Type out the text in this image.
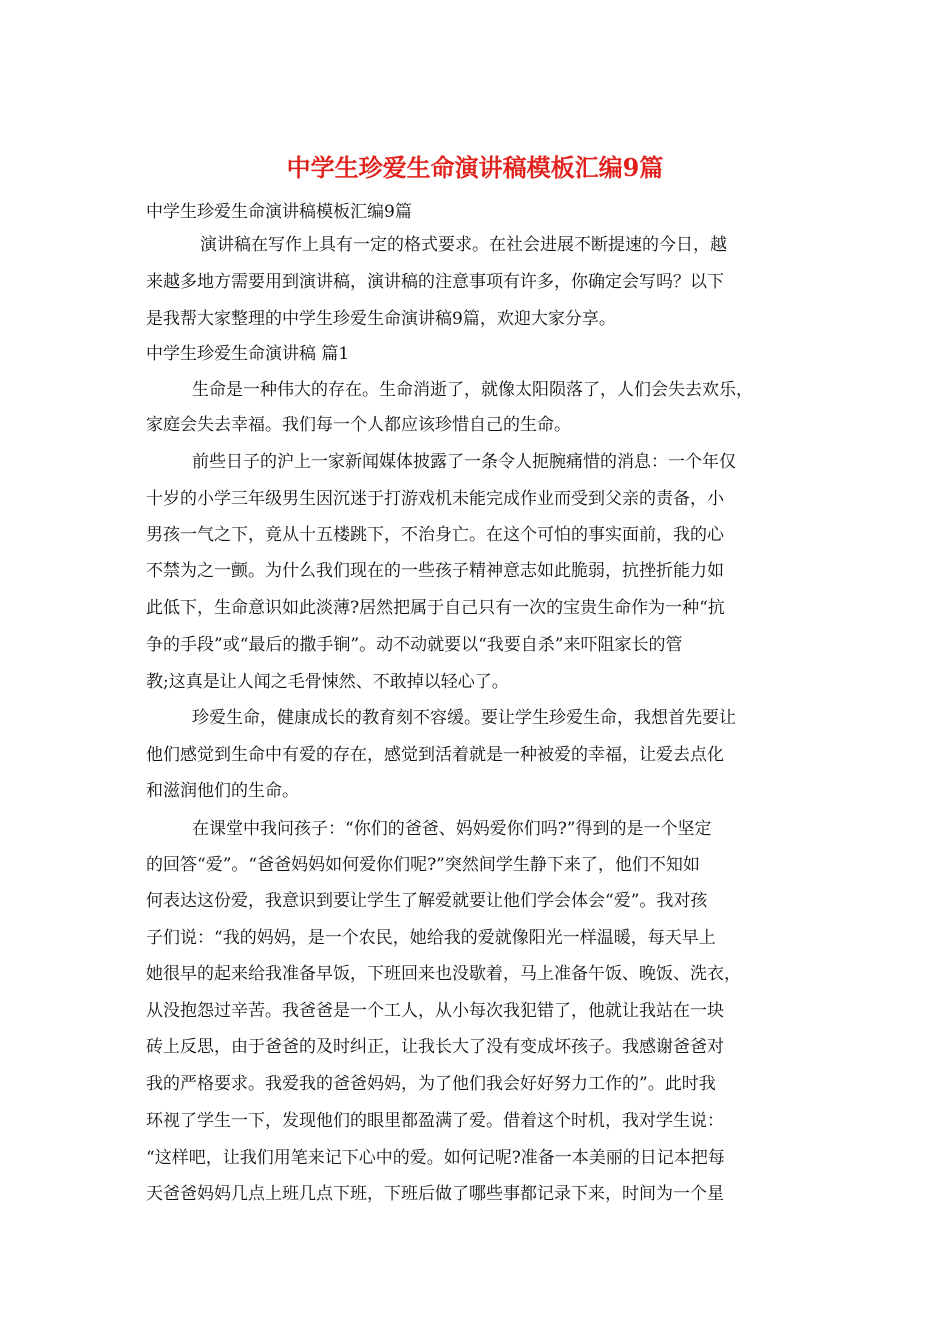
中学生珍爱生命演讲稿模板汇编9篇
中学生珍爱生命演讲稿模板汇编9篇
演讲稿在写作上具有一定的格式要求。在社会进展不断提速的今日，越
来越多地方需要用到演讲稿，演讲稿的注意事项有许多，你确定会写吗？以下
是我帮大家整理的中学生珍爱生命演讲稿9篇，欢迎大家分享。
中学生珍爱生命演讲稿 篇1
生命是一种伟大的存在。生命消逝了，就像太阳陨落了，人们会失去欢乐，
家庭会失去幸福。我们每一个人都应该珍惜自己的生命。
前些日子的沪上一家新闻媒体披露了一条令人扼腕痛惜的消息：一个年仅
十岁的小学三年级男生因沉迷于打游戏机未能完成作业而受到父亲的责备，小
男孩一气之下，竟从十五楼跳下，不治身亡。在这个可怕的事实面前，我的心
不禁为之一颤。为什么我们现在的一些孩子精神意志如此脆弱，抗挫折能力如
此低下，生命意识如此淡薄?居然把属于自己只有一次的宝贵生命作为一种“抗
争的手段”或“最后的撒手锏”。动不动就要以“我要自杀”来吓阻家长的管
教;这真是让人闻之毛骨悚然、不敢掉以轻心了。
珍爱生命，健康成长的教育刻不容缓。要让学生珍爱生命，我想首先要让
他们感觉到生命中有爱的存在，感觉到活着就是一种被爱的幸福，让爱去点化
和滋润他们的生命。
在课堂中我问孩子：“你们的爸爸、妈妈爱你们吗?”得到的是一个坚定
的回答“爱”。“爸爸妈妈如何爱你们呢?”突然间学生静下来了，他们不知如
何表达这份爱，我意识到要让学生了解爱就要让他们学会体会“爱”。我对孩
子们说：“我的妈妈，是一个农民，她给我的爱就像阳光一样温暖，每天早上
她很早的起来给我准备早饭，下班回来也没歇着，马上准备午饭、晚饭、洗衣，
从没抱怨过辛苦。我爸爸是一个工人，从小每次我犯错了，他就让我站在一块
砖上反思，由于爸爸的及时纠正，让我长大了没有变成坏孩子。我感谢爸爸对
我的严格要求。我爱我的爸爸妈妈，为了他们我会好好努力工作的”。此时我
环视了学生一下，发现他们的眼里都盈满了爱。借着这个时机，我对学生说：
“这样吧，让我们用笔来记下心中的爱。如何记呢?准备一本美丽的日记本把每
天爸爸妈妈几点上班几点下班，下班后做了哪些事都记录下来，时间为一个星
